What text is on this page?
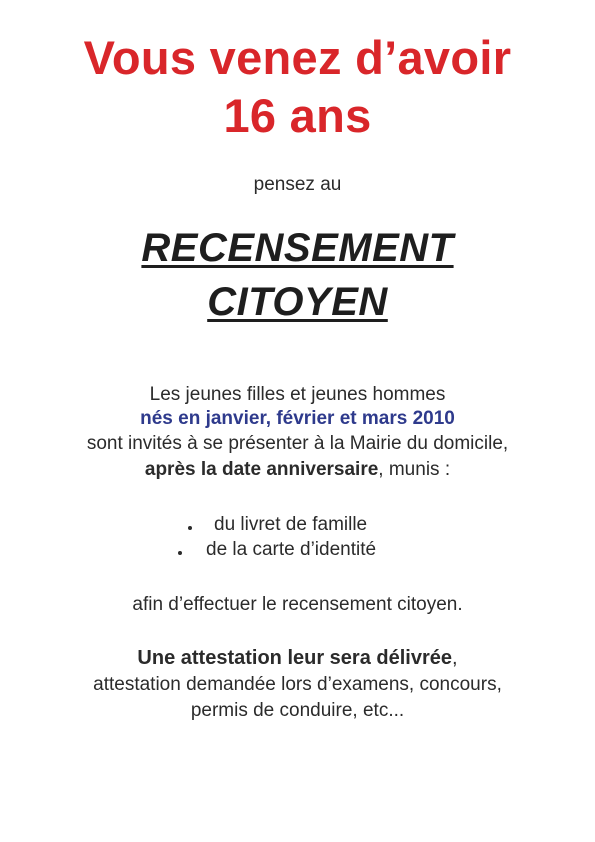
Vous venez d’avoir
16 ans
pensez au
RECENSEMENT
CITOYEN
Les jeunes filles et jeunes hommes
nés en janvier, février et mars 2010
sont invités à se présenter à la Mairie du domicile,
après la date anniversaire, munis :
du livret de famille
de la carte d’identité
afin d’effectuer le recensement citoyen.
Une attestation leur sera délivrée,
attestation demandée lors d’examens, concours,
permis de conduire, etc...
